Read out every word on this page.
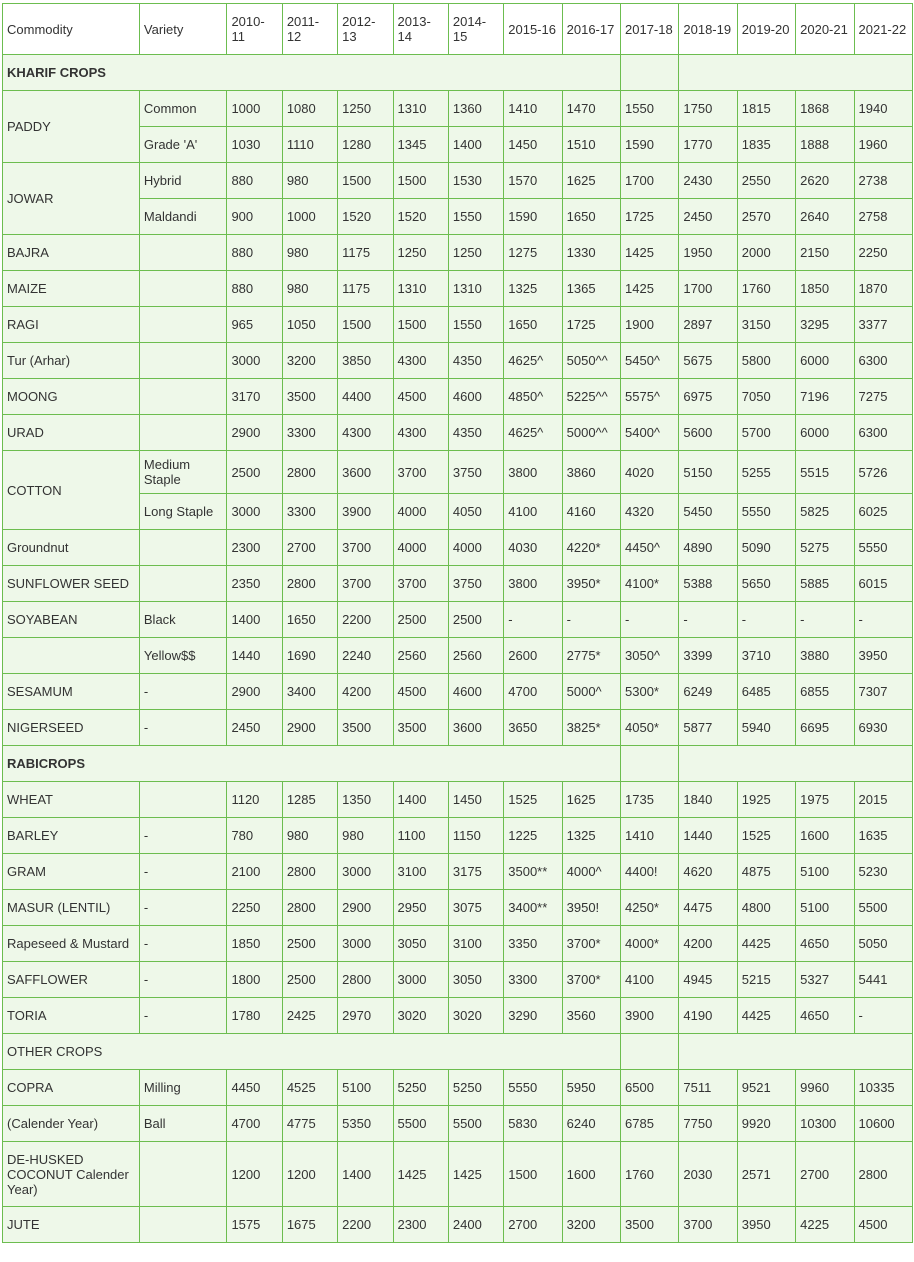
Commodity	Variety	2010-11	2011-12	2012-13	2013-14	2014-15	2015-16	2016-17	2017-18	2018-19	2019-20	2020-21	2021-22
KHARIF CROPS													
PADDY	Common	1000	1080	1250	1310	1360	1410	1470	1550	1750	1815	1868	1940
	Grade 'A'	1030	1110	1280	1345	1400	1450	1510	1590	1770	1835	1888	1960
JOWAR	Hybrid	880	980	1500	1500	1530	1570	1625	1700	2430	2550	2620	2738
	Maldandi	900	1000	1520	1520	1550	1590	1650	1725	2450	2570	2640	2758
BAJRA		880	980	1175	1250	1250	1275	1330	1425	1950	2000	2150	2250
MAIZE		880	980	1175	1310	1310	1325	1365	1425	1700	1760	1850	1870
RAGI		965	1050	1500	1500	1550	1650	1725	1900	2897	3150	3295	3377
Tur (Arhar)		3000	3200	3850	4300	4350	4625^	5050^^	5450^	5675	5800	6000	6300
MOONG		3170	3500	4400	4500	4600	4850^	5225^^	5575^	6975	7050	7196	7275
URAD		2900	3300	4300	4300	4350	4625^	5000^^	5400^	5600	5700	6000	6300
COTTON	Medium Staple	2500	2800	3600	3700	3750	3800	3860	4020	5150	5255	5515	5726
	Long Staple	3000	3300	3900	4000	4050	4100	4160	4320	5450	5550	5825	6025
Groundnut		2300	2700	3700	4000	4000	4030	4220*	4450^	4890	5090	5275	5550
SUNFLOWER SEED		2350	2800	3700	3700	3750	3800	3950*	4100*	5388	5650	5885	6015
SOYABEAN	Black	1400	1650	2200	2500	2500	-	-	-	-	-	-	-
	Yellow$$	1440	1690	2240	2560	2560	2600	2775*	3050^	3399	3710	3880	3950
SESAMUM	-	2900	3400	4200	4500	4600	4700	5000^	5300*	6249	6485	6855	7307
NIGERSEED	-	2450	2900	3500	3500	3600	3650	3825*	4050*	5877	5940	6695	6930
RABICROPS													
WHEAT		1120	1285	1350	1400	1450	1525	1625	1735	1840	1925	1975	2015
BARLEY	-	780	980	980	1100	1150	1225	1325	1410	1440	1525	1600	1635
GRAM	-	2100	2800	3000	3100	3175	3500**	4000^	4400!	4620	4875	5100	5230
MASUR (LENTIL)	-	2250	2800	2900	2950	3075	3400**	3950!	4250*	4475	4800	5100	5500
Rapeseed & Mustard	-	1850	2500	3000	3050	3100	3350	3700*	4000*	4200	4425	4650	5050
SAFFLOWER	-	1800	2500	2800	3000	3050	3300	3700*	4100	4945	5215	5327	5441
TORIA	-	1780	2425	2970	3020	3020	3290	3560	3900	4190	4425	4650	-
OTHER CROPS													
COPRA	Milling	4450	4525	5100	5250	5250	5550	5950	6500	7511	9521	9960	10335
(Calender Year)	Ball	4700	4775	5350	5500	5500	5830	6240	6785	7750	9920	10300	10600
DE-HUSKED COCONUT Calender Year)		1200	1200	1400	1425	1425	1500	1600	1760	2030	2571	2700	2800
JUTE		1575	1675	2200	2300	2400	2700	3200	3500	3700	3950	4225	4500
